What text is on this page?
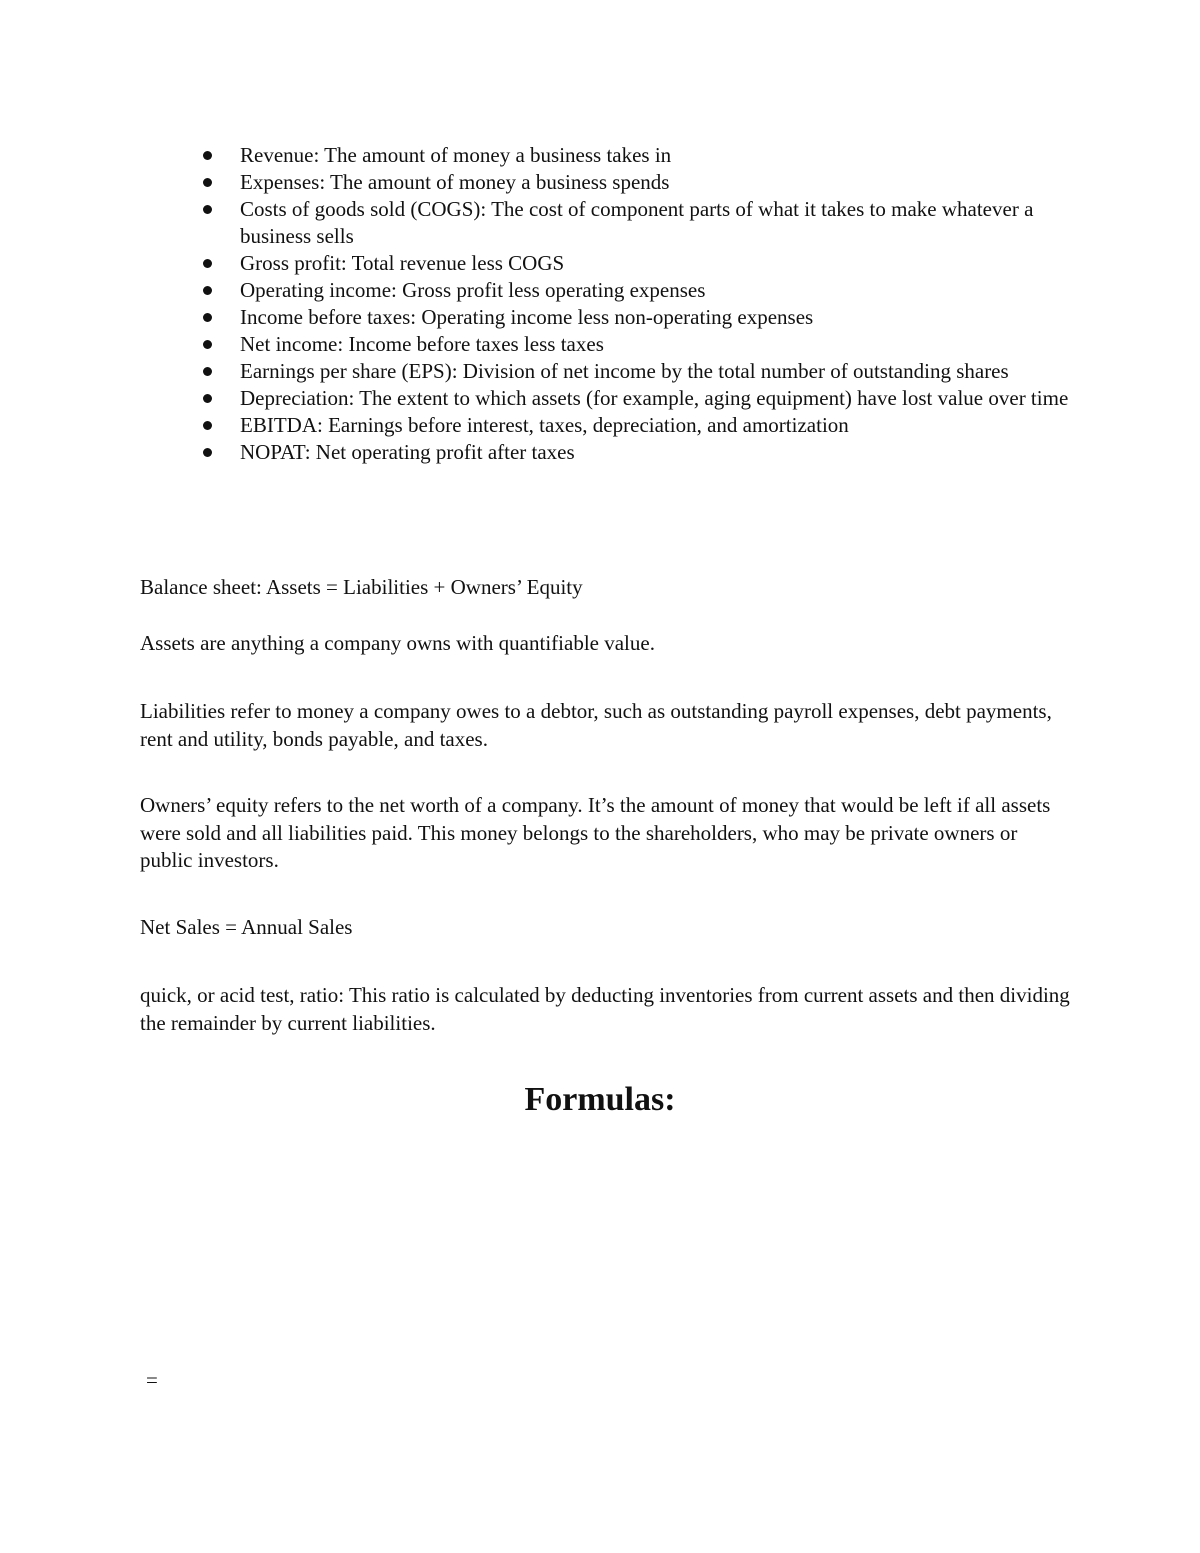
Revenue: The amount of money a business takes in
Expenses: The amount of money a business spends
Costs of goods sold (COGS): The cost of component parts of what it takes to make whatever a business sells
Gross profit: Total revenue less COGS
Operating income: Gross profit less operating expenses
Income before taxes: Operating income less non-operating expenses
Net income: Income before taxes less taxes
Earnings per share (EPS): Division of net income by the total number of outstanding shares
Depreciation: The extent to which assets (for example, aging equipment) have lost value over time
EBITDA: Earnings before interest, taxes, depreciation, and amortization
NOPAT: Net operating profit after taxes

Balance sheet: Assets = Liabilities + Owners’ Equity

Assets are anything a company owns with quantifiable value.

Liabilities refer to money a company owes to a debtor, such as outstanding payroll expenses, debt payments, rent and utility, bonds payable, and taxes.

Owners’ equity refers to the net worth of a company. It’s the amount of money that would be left if all assets were sold and all liabilities paid. This money belongs to the shareholders, who may be private owners or public investors.

Net Sales = Annual Sales

quick, or acid test, ratio: This ratio is calculated by deducting inventories from current assets and then dividing the remainder by current liabilities.

Formulas:

=
